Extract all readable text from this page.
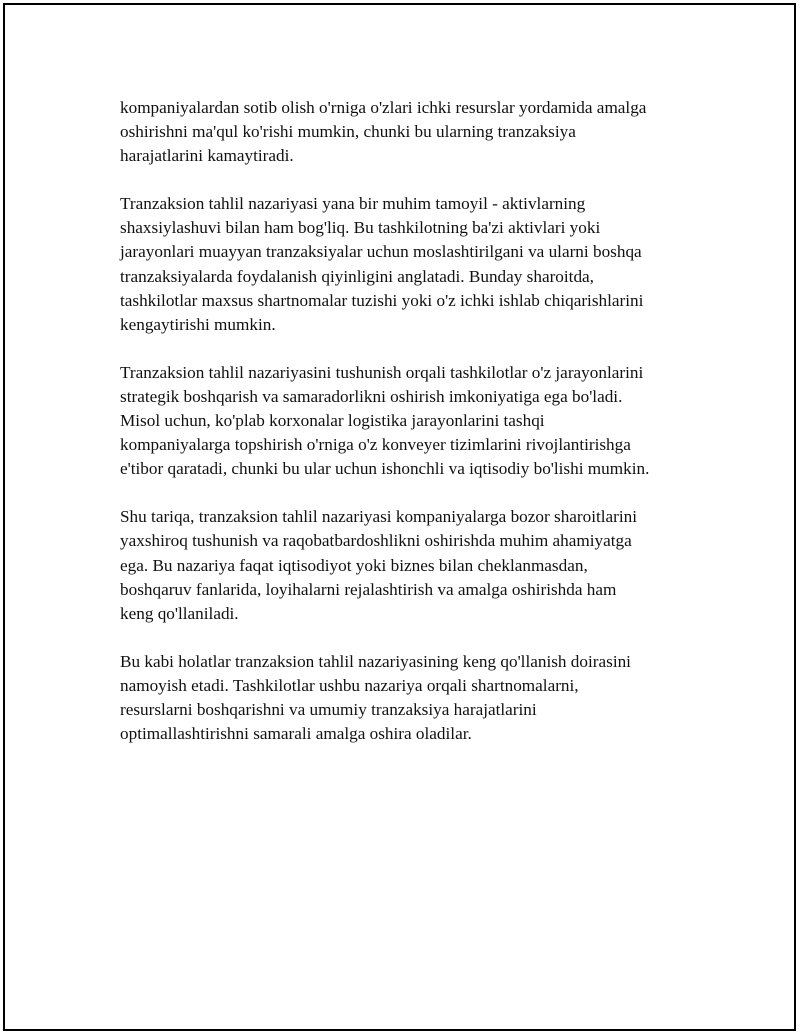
kompaniyalardan sotib olish o'rniga o'zlari ichki resurslar yordamida amalga
oshirishni ma'qul ko'rishi mumkin, chunki bu ularning tranzaksiya
harajatlarini kamaytiradi.

Tranzaksion tahlil nazariyasi yana bir muhim tamoyil - aktivlarning
shaxsiylashuvi bilan ham bog'liq. Bu tashkilotning ba'zi aktivlari yoki
jarayonlari muayyan tranzaksiyalar uchun moslashtirilgani va ularni boshqa
tranzaksiyalarda foydalanish qiyinligini anglatadi. Bunday sharoitda,
tashkilotlar maxsus shartnomalar tuzishi yoki o'z ichki ishlab chiqarishlarini
kengaytirishi mumkin.

Tranzaksion tahlil nazariyasini tushunish orqali tashkilotlar o'z jarayonlarini
strategik boshqarish va samaradorlikni oshirish imkoniyatiga ega bo'ladi.
Misol uchun, ko'plab korxonalar logistika jarayonlarini tashqi
kompaniyalarga topshirish o'rniga o'z konveyer tizimlarini rivojlantirishga
e'tibor qaratadi, chunki bu ular uchun ishonchli va iqtisodiy bo'lishi mumkin.

Shu tariqa, tranzaksion tahlil nazariyasi kompaniyalarga bozor sharoitlarini
yaxshiroq tushunish va raqobatbardoshlikni oshirishda muhim ahamiyatga
ega. Bu nazariya faqat iqtisodiyot yoki biznes bilan cheklanmasdan,
boshqaruv fanlarida, loyihalarni rejalashtirish va amalga oshirishda ham
keng qo'llaniladi.

Bu kabi holatlar tranzaksion tahlil nazariyasining keng qo'llanish doirasini
namoyish etadi. Tashkilotlar ushbu nazariya orqali shartnomalarni,
resurslarni boshqarishni va umumiy tranzaksiya harajatlarini
optimallashtirishni samarali amalga oshira oladilar.
